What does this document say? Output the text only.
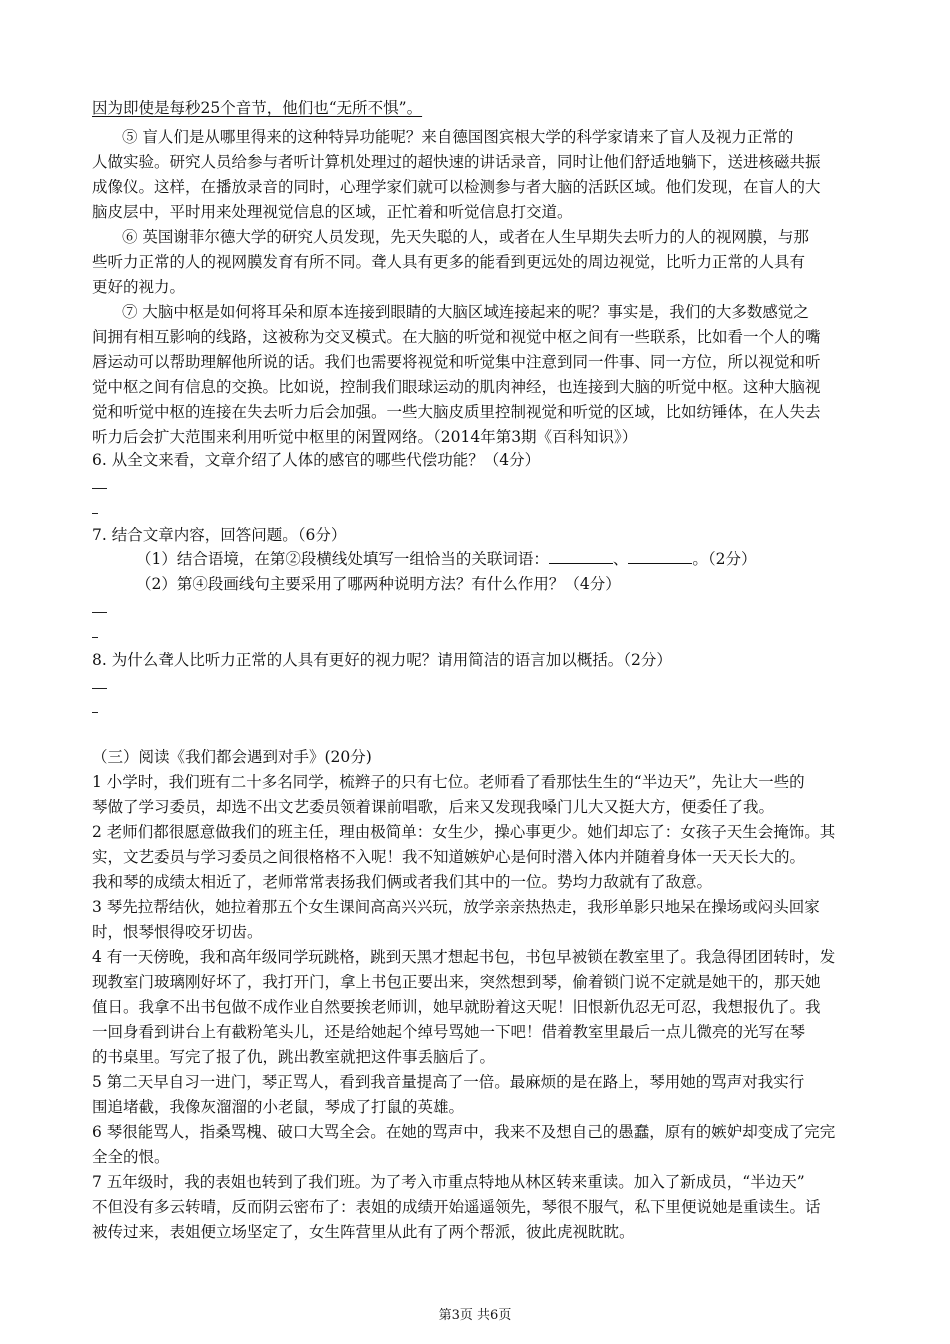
因为即使是每秒25个音节，他们也“无所不惧”。
⑤ 盲人们是从哪里得来的这种特异功能呢？来自德国图宾根大学的科学家请来了盲人及视力正常的
人做实验。研究人员给参与者听计算机处理过的超快速的讲话录音，同时让他们舒适地躺下，送进核磁共振
成像仪。这样，在播放录音的同时，心理学家们就可以检测参与者大脑的活跃区域。他们发现，在盲人的大
脑皮层中，平时用来处理视觉信息的区域，正忙着和听觉信息打交道。
⑥ 英国谢菲尔德大学的研究人员发现，先天失聪的人，或者在人生早期失去听力的人的视网膜，与那
些听力正常的人的视网膜发育有所不同。聋人具有更多的能看到更远处的周边视觉，比听力正常的人具有
更好的视力。
⑦ 大脑中枢是如何将耳朵和原本连接到眼睛的大脑区域连接起来的呢？事实是，我们的大多数感觉之
间拥有相互影响的线路，这被称为交叉模式。在大脑的听觉和视觉中枢之间有一些联系，比如看一个人的嘴
唇运动可以帮助理解他所说的话。我们也需要将视觉和听觉集中注意到同一件事、同一方位，所以视觉和听
觉中枢之间有信息的交换。比如说，控制我们眼球运动的肌肉神经，也连接到大脑的听觉中枢。这种大脑视
觉和听觉中枢的连接在失去听力后会加强。一些大脑皮质里控制视觉和听觉的区域，比如纺锤体，在人失去
听力后会扩大范围来利用听觉中枢里的闲置网络。（2014年第3期《百科知识》）
6. 从全文来看，文章介绍了人体的感官的哪些代偿功能？（4分）
7. 结合文章内容，回答问题。（6分）
（1）结合语境，在第②段横线处填写一组恰当的关联词语：	、	。（2分）
（2）第④段画线句主要采用了哪两种说明方法？有什么作用？（4分）
8. 为什么聋人比听力正常的人具有更好的视力呢？请用简洁的语言加以概括。（2分）
（三）阅读《我们都会遇到对手》(20分)
1 小学时，我们班有二十多名同学，梳辫子的只有七位。老师看了看那怯生生的“半边天”，先让大一些的
琴做了学习委员，却选不出文艺委员领着课前唱歌，后来又发现我嗓门儿大又挺大方，便委任了我。
2 老师们都很愿意做我们的班主任，理由极简单：女生少，操心事更少。她们却忘了：女孩子天生会掩饰。其
实，文艺委员与学习委员之间很格格不入呢！我不知道嫉妒心是何时潜入体内并随着身体一天天长大的。
我和琴的成绩太相近了，老师常常表扬我们俩或者我们其中的一位。势均力敌就有了敌意。
3 琴先拉帮结伙，她拉着那五个女生课间高高兴兴玩，放学亲亲热热走，我形单影只地呆在操场或闷头回家
时，恨琴恨得咬牙切齿。
4 有一天傍晚，我和高年级同学玩跳格，跳到天黑才想起书包，书包早被锁在教室里了。我急得团团转时，发
现教室门玻璃刚好坏了，我打开门，拿上书包正要出来，突然想到琴，偷着锁门说不定就是她干的，那天她
值日。我拿不出书包做不成作业自然要挨老师训，她早就盼着这天呢！旧恨新仇忍无可忍，我想报仇了。我
一回身看到讲台上有截粉笔头儿，还是给她起个绰号骂她一下吧！借着教室里最后一点儿微亮的光写在琴
的书桌里。写完了报了仇，跳出教室就把这件事丢脑后了。
5 第二天早自习一进门，琴正骂人，看到我音量提高了一倍。最麻烦的是在路上，琴用她的骂声对我实行
围追堵截，我像灰溜溜的小老鼠，琴成了打鼠的英雄。
6 琴很能骂人，指桑骂槐、破口大骂全会。在她的骂声中，我来不及想自己的愚蠢，原有的嫉妒却变成了完完
全全的恨。
7 五年级时，我的表姐也转到了我们班。为了考入市重点特地从林区转来重读。加入了新成员，“半边天”
不但没有多云转晴，反而阴云密布了：表姐的成绩开始遥遥领先，琴很不服气，私下里便说她是重读生。话
被传过来，表姐便立场坚定了，女生阵营里从此有了两个帮派，彼此虎视眈眈。
第3页 共6页
